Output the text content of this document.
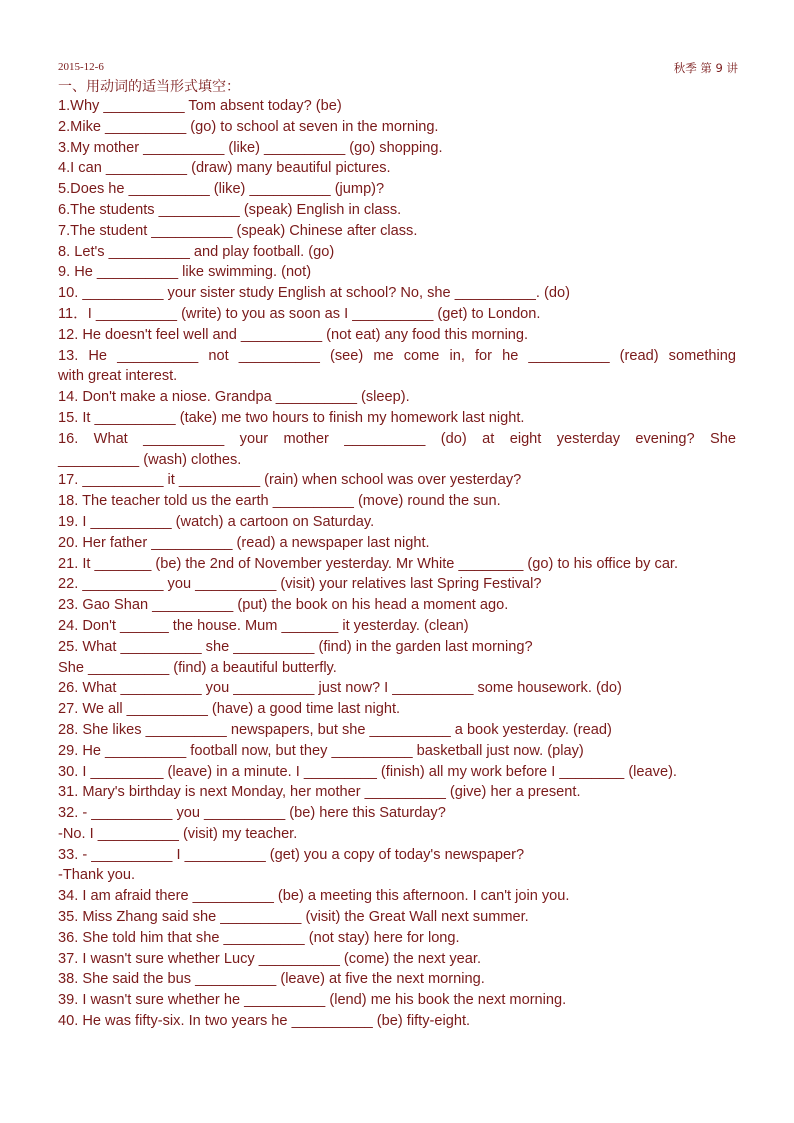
2015-12-6	秋季 第 9 讲
一、用动词的适当形式填空：
1.Why __________ Tom absent today? (be)
2.Mike __________ (go) to school at seven in the morning.
3.My mother __________ (like) __________ (go) shopping.
4.I can __________ (draw) many beautiful pictures.
5.Does he __________ (like) __________ (jump)?
6.The students __________ (speak) English in class.
7.The student __________ (speak) Chinese after class.
8. Let's __________ and play football. (go)
9. He __________ like swimming. (not)
10. __________ your sister study English at school? No, she __________. (do)
11．I __________ (write) to you as soon as I __________ (get) to London.
12. He doesn't feel well and __________ (not eat) any food this morning.
13. He __________ not __________ (see) me come in, for he __________ (read) something
with great interest.
14. Don't make a niose. Grandpa __________ (sleep).
15. It __________ (take) me two hours to finish my homework last night.
16. What __________ your mother __________ (do) at eight yesterday evening? She
__________ (wash) clothes.
17. __________ it __________ (rain) when school was over yesterday?
18. The teacher told us the earth __________ (move) round the sun.
19. I __________ (watch) a cartoon on Saturday.
20. Her father __________ (read) a newspaper last night.
21. It _______ (be) the 2nd of November yesterday. Mr White ________ (go) to his office by car.
22. __________ you __________ (visit) your relatives last Spring Festival?
23. Gao Shan __________ (put) the book on his head a moment ago.
24. Don't ______ the house. Mum _______ it yesterday. (clean)
25. What __________ she __________ (find) in the garden last morning?
She __________ (find) a beautiful butterfly.
26. What __________ you __________ just now? I __________ some housework. (do)
27. We all __________ (have) a good time last night.
28. She likes __________ newspapers, but she __________ a book yesterday. (read)
29. He __________ football now, but they __________ basketball just now. (play)
30. I _________ (leave) in a minute. I _________ (finish) all my work before I ________ (leave).
31. Mary's birthday is next Monday, her mother __________ (give) her a present.
32. - __________ you __________ (be) here this Saturday?
-No. I __________ (visit) my teacher.
33. - __________ I __________ (get) you a copy of today's newspaper?
-Thank you.
34. I am afraid there __________ (be) a meeting this afternoon. I can't join you.
35. Miss Zhang said she __________ (visit) the Great Wall next summer.
36. She told him that she __________ (not stay) here for long.
37. I wasn't sure whether Lucy __________ (come) the next year.
38. She said the bus __________ (leave) at five the next morning.
39. I wasn't sure whether he __________ (lend) me his book the next morning.
40. He was fifty-six. In two years he __________ (be) fifty-eight.
